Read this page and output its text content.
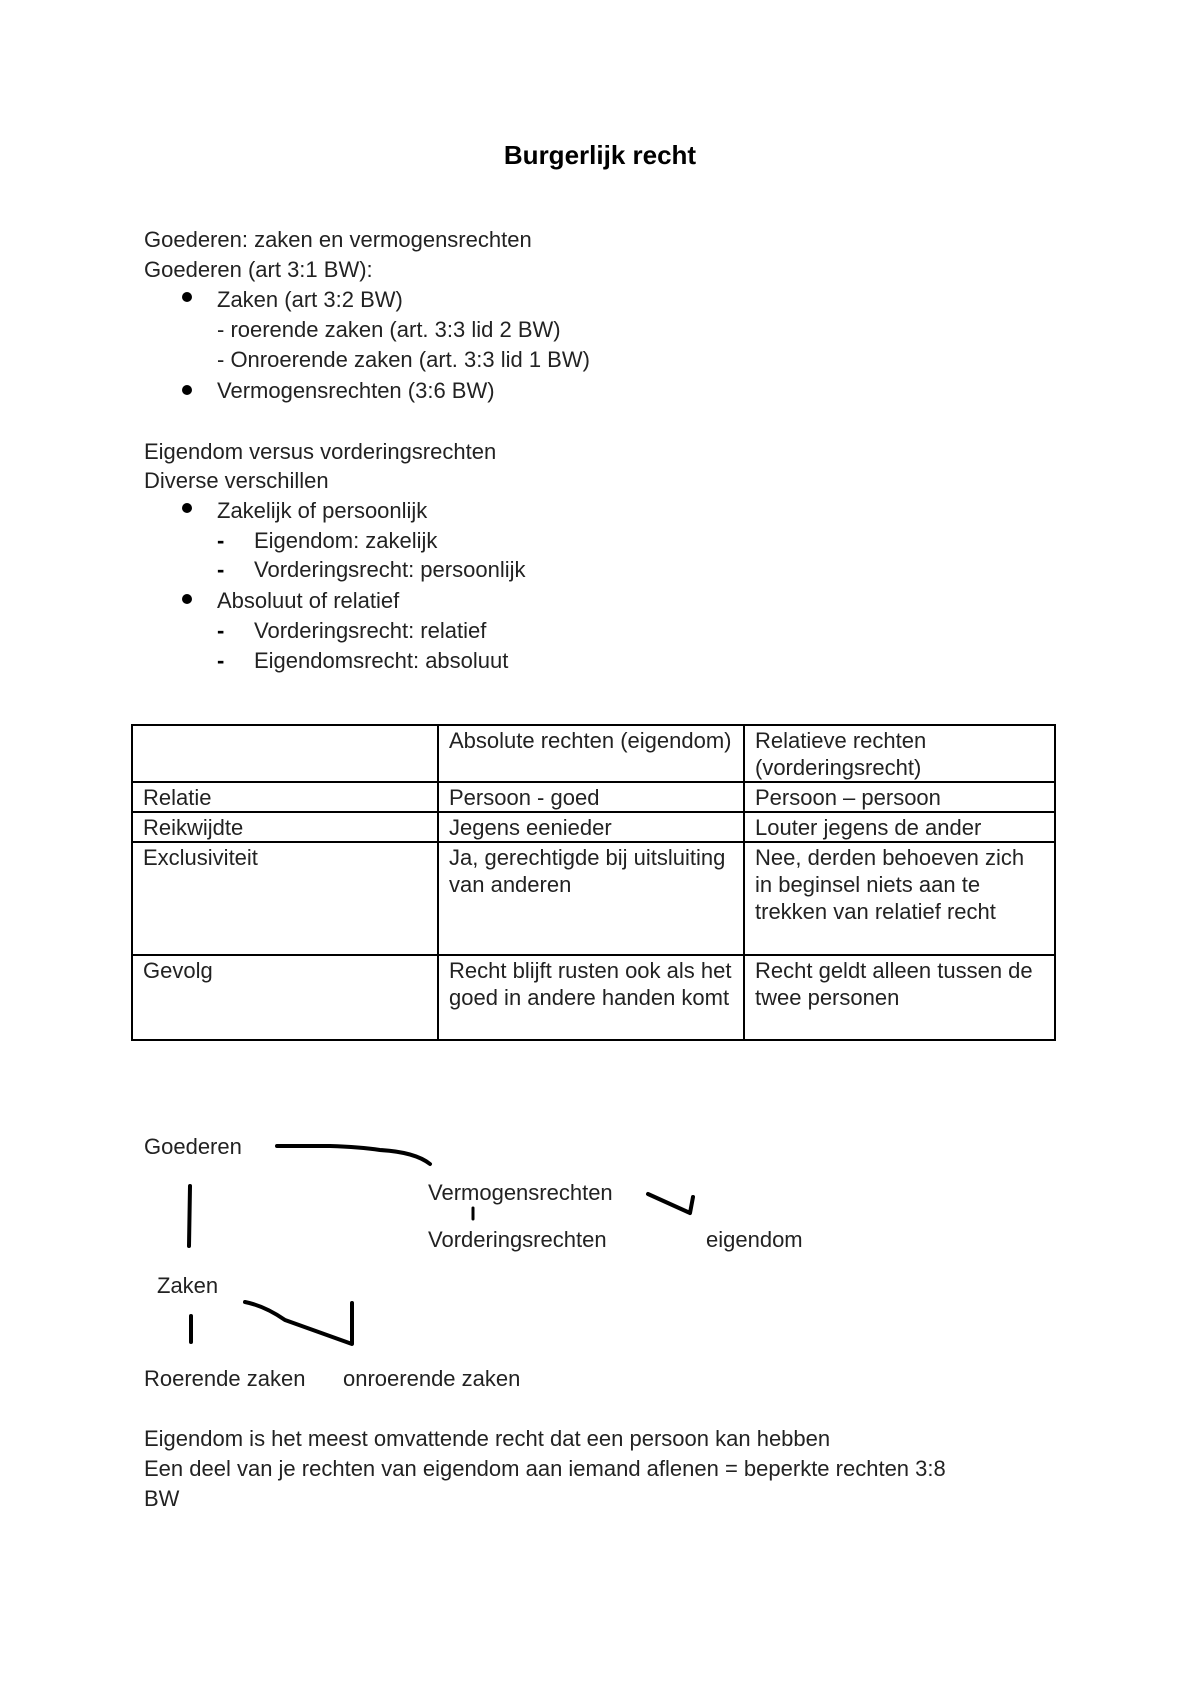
Burgerlijk recht
Goederen: zaken en vermogensrechten
Goederen (art 3:1 BW):
Zaken (art 3:2 BW)
- roerende zaken (art. 3:3 lid 2 BW)
- Onroerende zaken (art. 3:3 lid 1 BW)
Vermogensrechten (3:6 BW)
Eigendom versus vorderingsrechten
Diverse verschillen
Zakelijk of persoonlijk
- Eigendom: zakelijk
- Vorderingsrecht: persoonlijk
Absoluut of relatief
- Vorderingsrecht: relatief
- Eigendomsrecht: absoluut
	Absolute rechten (eigendom)	Relatieve rechten (vorderingsrecht)
Relatie	Persoon - goed	Persoon – persoon
Reikwijdte	Jegens eenieder	Louter jegens de ander
Exclusiviteit	Ja, gerechtigde bij uitsluiting van anderen	Nee, derden behoeven zich in beginsel niets aan te trekken van relatief recht
Gevolg	Recht blijft rusten ook als het goed in andere handen komt	Recht geldt alleen tussen de twee personen
Goederen
Vermogensrechten
Vorderingsrechten	eigendom
Zaken
Roerende zaken onroerende zaken
Eigendom is het meest omvattende recht dat een persoon kan hebben
Een deel van je rechten van eigendom aan iemand aflenen = beperkte rechten 3:8
BW
